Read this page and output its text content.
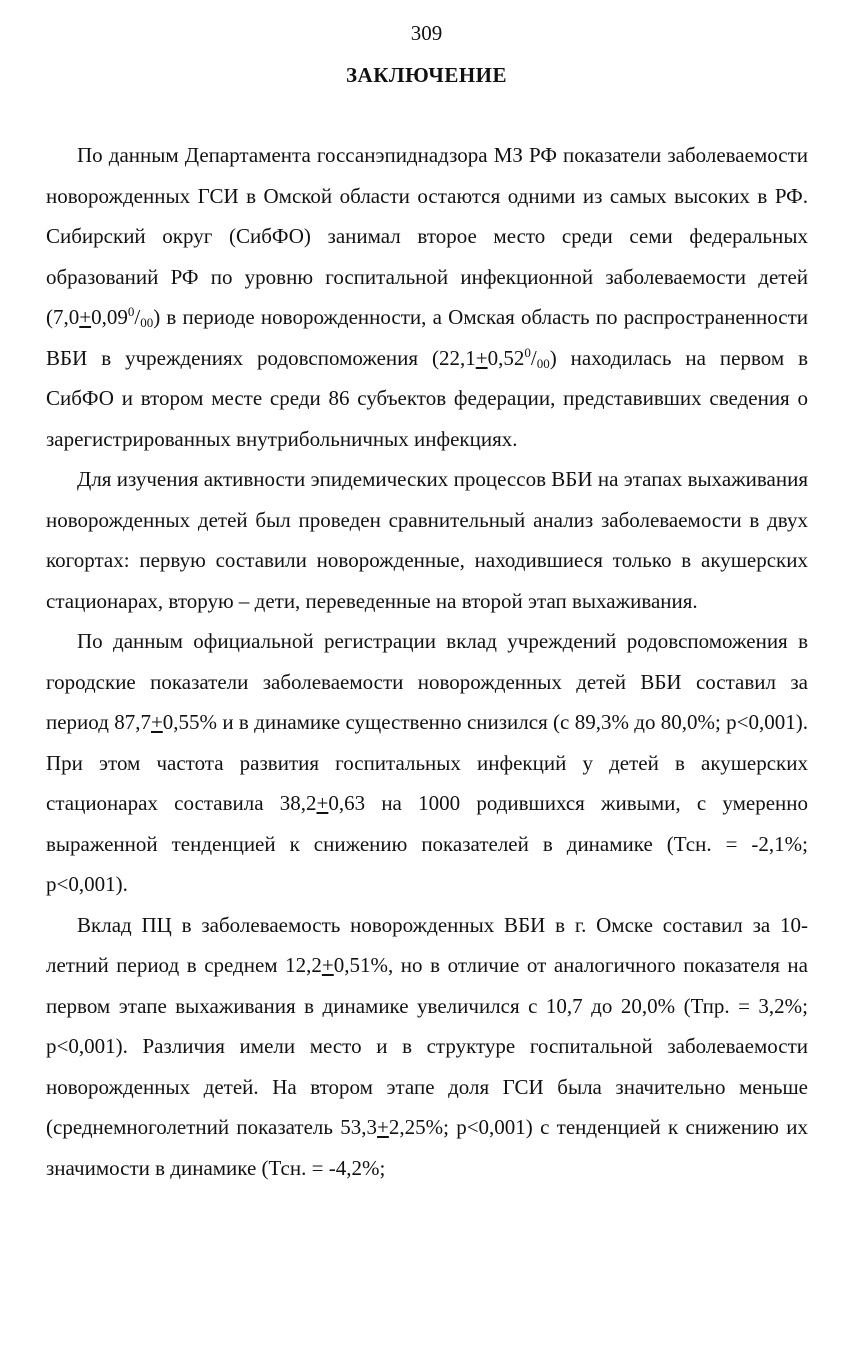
309
ЗАКЛЮЧЕНИЕ

По данным Департамента госсанэпиднадзора МЗ РФ показатели заболеваемости новорожденных ГСИ в Омской области остаются одними из самых высоких в РФ. Сибирский округ (СибФО) занимал второе место среди семи федеральных образований РФ по уровню госпитальной инфекционной заболеваемости детей $(7,0+0,09^0/_{00})$ в периоде новорожденности, а Омская область по распространенности ВБИ в учреждениях родовспоможения $(22,1+0,52^0/_{00})$ находилась на первом в СибФО и втором месте среди 86 субъектов федерации, представивших сведения о зарегистрированных внутрибольничных инфекциях.

Для изучения активности эпидемических процессов ВБИ на этапах выхаживания новорожденных детей был проведен сравнительный анализ заболеваемости в двух когортах: первую составили новорожденные, находившиеся только в акушерских стационарах, вторую – дети, переведенные на второй этап выхаживания.

По данным официальной регистрации вклад учреждений родовспоможения в городские показатели заболеваемости новорожденных детей ВБИ составил за период 87,7+0,55% и в динамике существенно снизился (с 89,3% до 80,0%; p<0,001). При этом частота развития госпитальных инфекций у детей в акушерских стационарах составила 38,2+0,63 на 1000 родившихся живыми, с умеренно выраженной тенденцией к снижению показателей в динамике (Тсн. = -2,1%; p<0,001).

Вклад ПЦ в заболеваемость новорожденных ВБИ в г. Омске составил за 10-летний период в среднем 12,2+0,51%, но в отличие от аналогичного показателя на первом этапе выхаживания в динамике увеличился с 10,7 до 20,0% (Тпр. = 3,2%; p<0,001). Различия имели место и в структуре госпитальной заболеваемости новорожденных детей. На втором этапе доля ГСИ была значительно меньше (среднемноголетний показатель 53,3+2,25%; p<0,001) с тенденцией к снижению их значимости в динамике (Тсн. = -4,2%;
